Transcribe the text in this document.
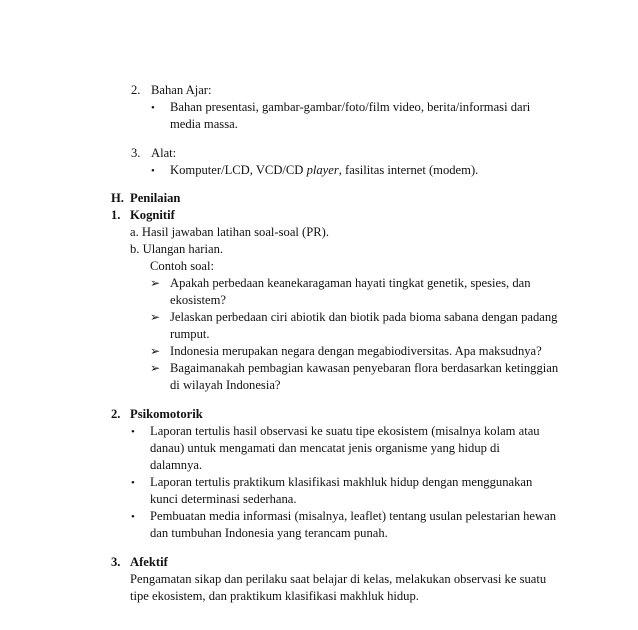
2. Bahan Ajar:
• Bahan presentasi, gambar-gambar/foto/film video, berita/informasi dari
media massa.
3. Alat:
• Komputer/LCD, VCD/CD player, fasilitas internet (modem).
H. Penilaian
1. Kognitif
a. Hasil jawaban latihan soal-soal (PR).
b. Ulangan harian.
Contoh soal:
➢ Apakah perbedaan keanekaragaman hayati tingkat genetik, spesies, dan
ekosistem?
➢ Jelaskan perbedaan ciri abiotik dan biotik pada bioma sabana dengan padang
rumput.
➢ Indonesia merupakan negara dengan megabiodiversitas. Apa maksudnya?
➢ Bagaimanakah pembagian kawasan penyebaran flora berdasarkan ketinggian
di wilayah Indonesia?
2. Psikomotorik
• Laporan tertulis hasil observasi ke suatu tipe ekosistem (misalnya kolam atau
danau) untuk mengamati dan mencatat jenis organisme yang hidup di
dalamnya.
• Laporan tertulis praktikum klasifikasi makhluk hidup dengan menggunakan
kunci determinasi sederhana.
• Pembuatan media informasi (misalnya, leaflet) tentang usulan pelestarian hewan
dan tumbuhan Indonesia yang terancam punah.
3. Afektif
Pengamatan sikap dan perilaku saat belajar di kelas, melakukan observasi ke suatu
tipe ekosistem, dan praktikum klasifikasi makhluk hidup.
